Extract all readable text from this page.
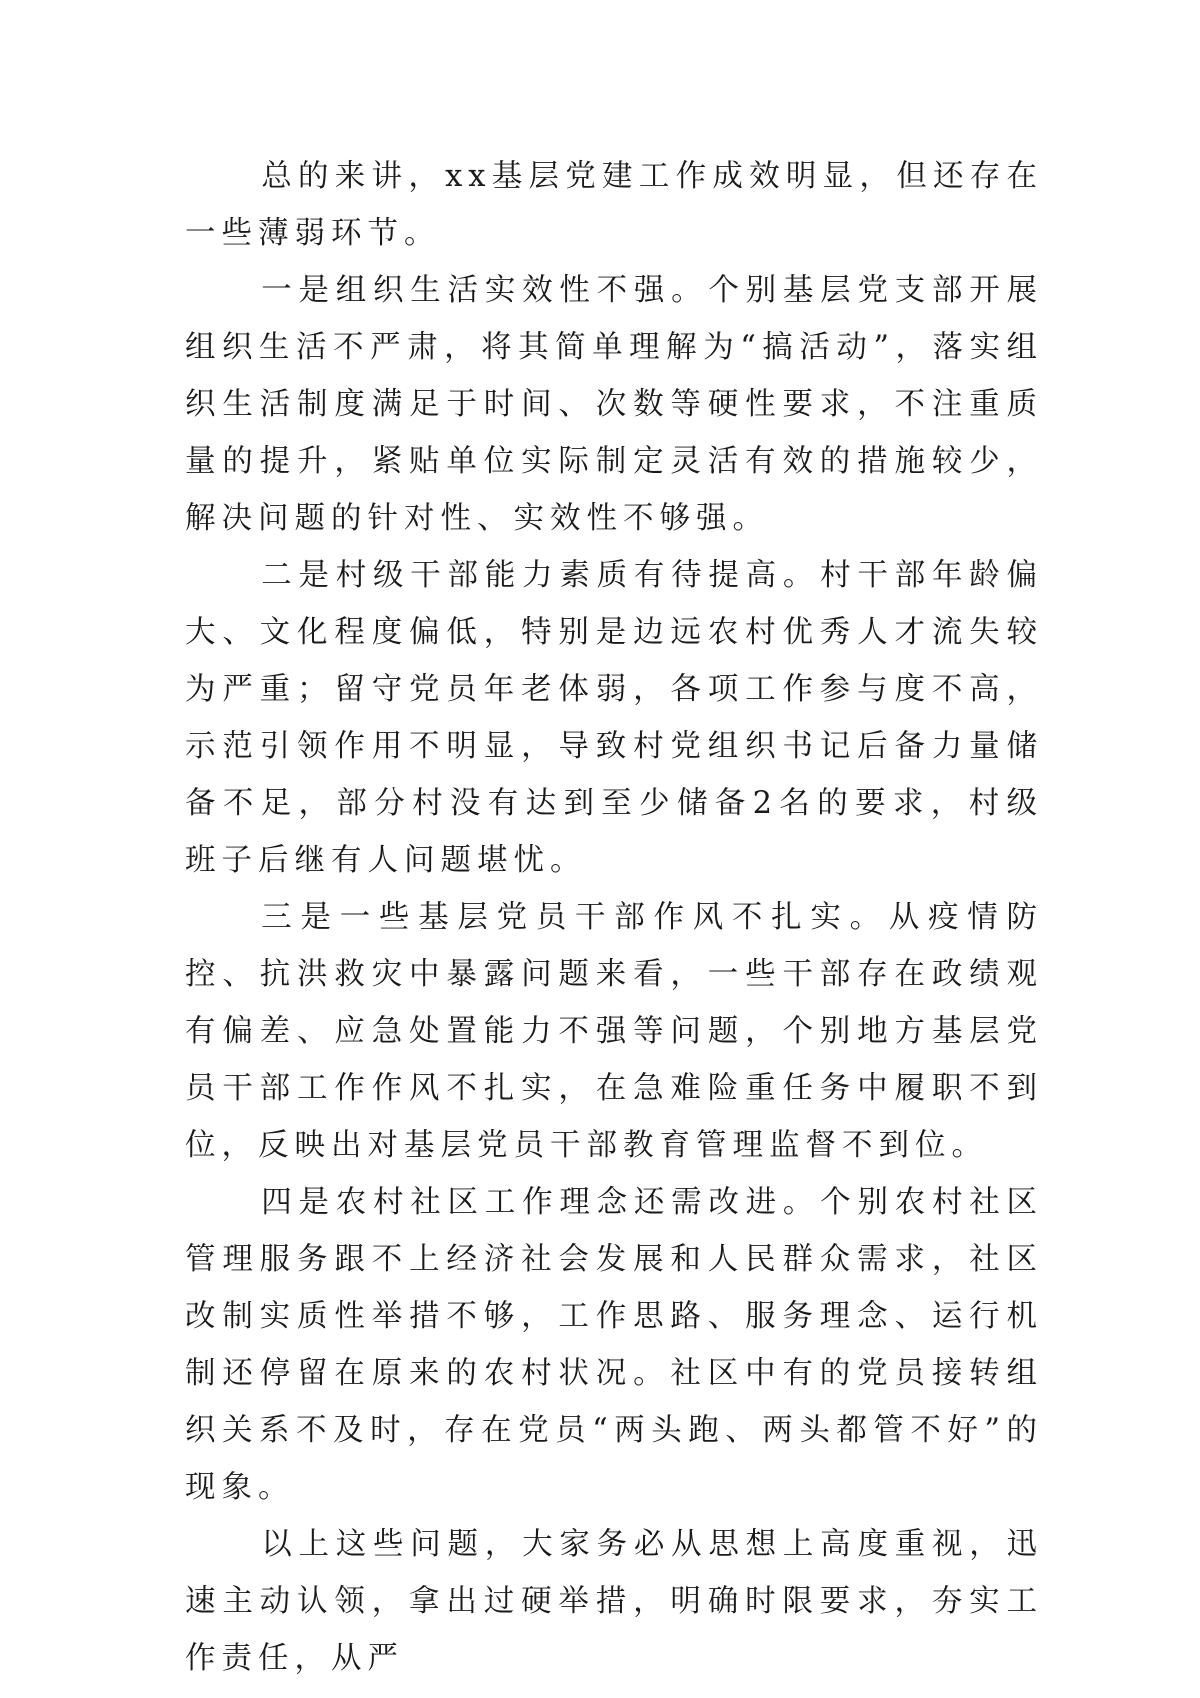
总的来讲，xx基层党建工作成效明显，但还存在一些薄弱环节。

一是组织生活实效性不强。个别基层党支部开展组织生活不严肃，将其简单理解为“搞活动”，落实组织生活制度满足于时间、次数等硬性要求，不注重质量的提升，紧贴单位实际制定灵活有效的措施较少，解决问题的针对性、实效性不够强。

二是村级干部能力素质有待提高。村干部年龄偏大、文化程度偏低，特别是边远农村优秀人才流失较为严重；留守党员年老体弱，各项工作参与度不高，示范引领作用不明显，导致村党组织书记后备力量储备不足，部分村没有达到至少储备2名的要求，村级班子后继有人问题堪忧。

三是一些基层党员干部作风不扎实。从疫情防控、抗洪救灾中暴露问题来看，一些干部存在政绩观有偏差、应急处置能力不强等问题，个别地方基层党员干部工作作风不扎实，在急难险重任务中履职不到位，反映出对基层党员干部教育管理监督不到位。

四是农村社区工作理念还需改进。个别农村社区管理服务跟不上经济社会发展和人民群众需求，社区改制实质性举措不够，工作思路、服务理念、运行机制还停留在原来的农村状况。社区中有的党员接转组织关系不及时，存在党员“两头跑、两头都管不好”的现象。

以上这些问题，大家务必从思想上高度重视，迅速主动认领，拿出过硬举措，明确时限要求，夯实工作责任，从严
